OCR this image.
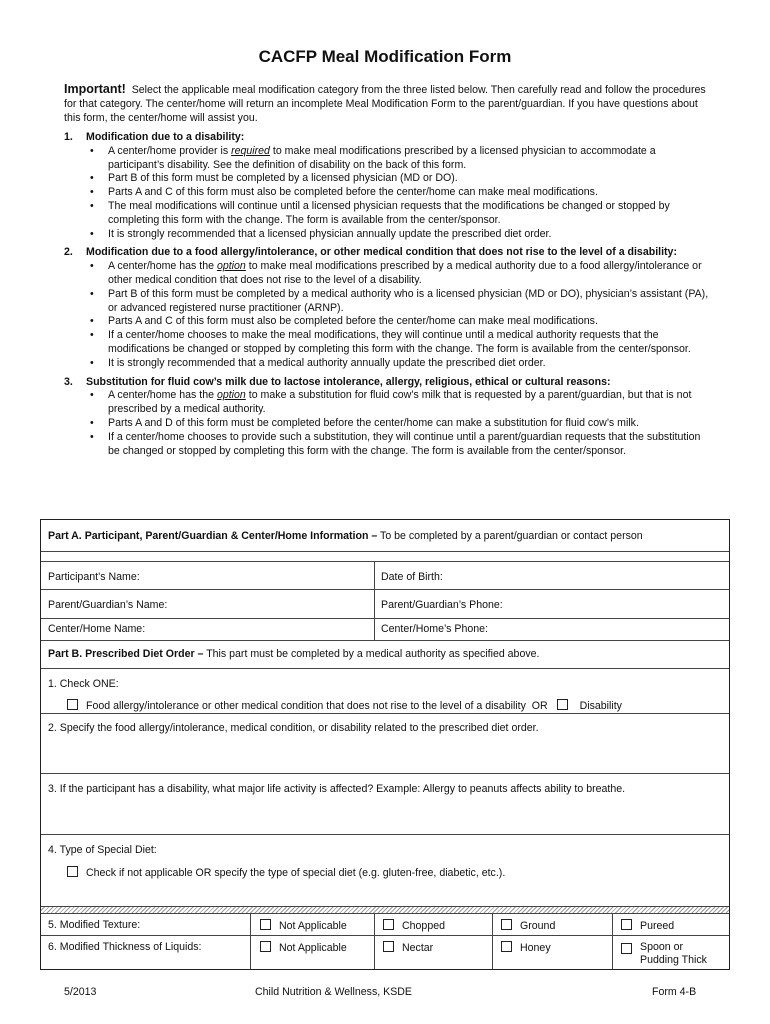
CACFP Meal Modification Form
Important! Select the applicable meal modification category from the three listed below. Then carefully read and follow the procedures for that category. The center/home will return an incomplete Meal Modification Form to the parent/guardian. If you have questions about this form, the center/home will assist you.
1. Modification due to a disability:
• A center/home provider is required to make meal modifications prescribed by a licensed physician to accommodate a participant’s disability. See the definition of disability on the back of this form.
• Part B of this form must be completed by a licensed physician (MD or DO).
• Parts A and C of this form must also be completed before the center/home can make meal modifications.
• The meal modifications will continue until a licensed physician requests that the modifications be changed or stopped by completing this form with the change. The form is available from the center/sponsor.
• It is strongly recommended that a licensed physician annually update the prescribed diet order.
2. Modification due to a food allergy/intolerance, or other medical condition that does not rise to the level of a disability:
• A center/home has the option to make meal modifications prescribed by a medical authority due to a food allergy/intolerance or other medical condition that does not rise to the level of a disability.
• Part B of this form must be completed by a medical authority who is a licensed physician (MD or DO), physician’s assistant (PA), or advanced registered nurse practitioner (ARNP).
• Parts A and C of this form must also be completed before the center/home can make meal modifications.
• If a center/home chooses to make the meal modifications, they will continue until a medical authority requests that the modifications be changed or stopped by completing this form with the change. The form is available from the center/sponsor.
• It is strongly recommended that a medical authority annually update the prescribed diet order.
3. Substitution for fluid cow’s milk due to lactose intolerance, allergy, religious, ethical or cultural reasons:
• A center/home has the option to make a substitution for fluid cow’s milk that is requested by a parent/guardian, but that is not prescribed by a medical authority.
• Parts A and D of this form must be completed before the center/home can make a substitution for fluid cow’s milk.
• If a center/home chooses to provide such a substitution, they will continue until a parent/guardian requests that the substitution be changed or stopped by completing this form with the change. The form is available from the center/sponsor.
Part A. Participant, Parent/Guardian & Center/Home Information – To be completed by a parent/guardian or contact person
Participant’s Name:	Date of Birth:
Parent/Guardian’s Name:	Parent/Guardian’s Phone:
Center/Home Name:	Center/Home’s Phone:
Part B. Prescribed Diet Order – This part must be completed by a medical authority as specified above.
1. Check ONE:
Food allergy/intolerance or other medical condition that does not rise to the level of a disability OR	Disability
2. Specify the food allergy/intolerance, medical condition, or disability related to the prescribed diet order.
3. If the participant has a disability, what major life activity is affected? Example: Allergy to peanuts affects ability to breathe.
4. Type of Special Diet:
Check if not applicable OR specify the type of special diet (e.g. gluten-free, diabetic, etc.).
5. Modified Texture:	Not Applicable	Chopped	Ground	Pureed
6. Modified Thickness of Liquids:	Not Applicable	Nectar	Honey	Spoon or Pudding Thick
5/2013	Child Nutrition & Wellness, KSDE	Form 4-B
